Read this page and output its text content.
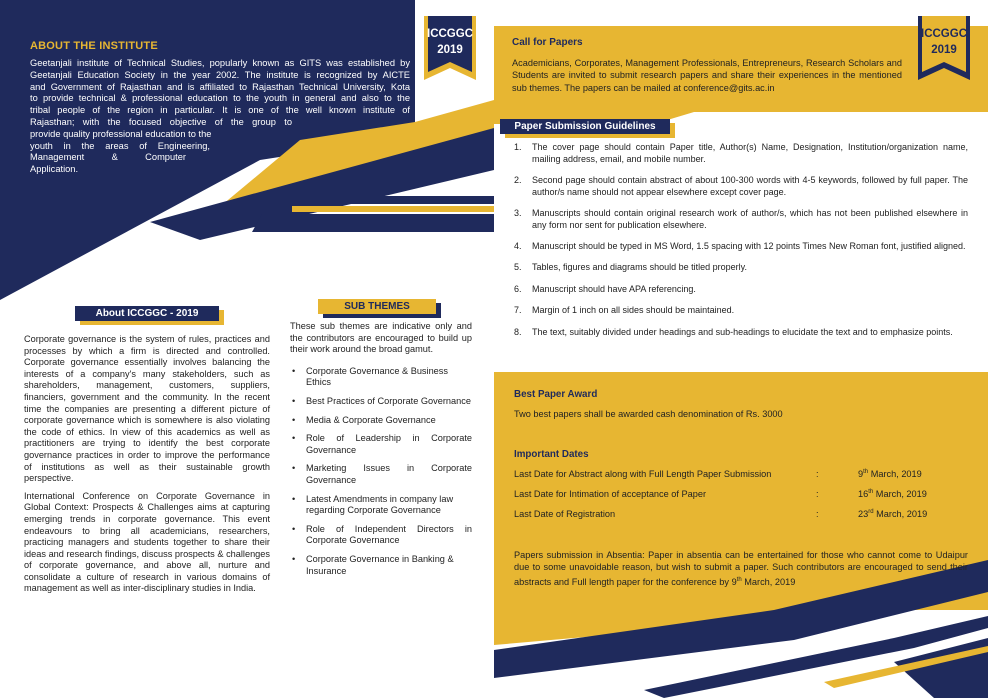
ICCGGC
2019
ABOUT THE INSTITUTE
Geetanjali institute of Technical Studies, popularly known as GITS was established by
Geetanjali Education Society in the year 2002. The institute is recognized by AICTE
and Government of Rajasthan and is affiliated to Rajasthan Technical University, Kota
to provide technical & professional education to the youth in general and also to the
tribal people of the region in particular. It is one of the well known institute of
Rajasthan; with the focused objective of the group to
provide quality professional education to the
youth in the areas of Engineering,
Management & Computer
Application.
About ICCGGC - 2019
Corporate governance is the system of rules, practices and processes by which a firm is directed and controlled. Corporate governance essentially involves balancing the interests of a company's many stakeholders, such as shareholders, management, customers, suppliers, financiers, government and the community. In the recent time the companies are presenting a different picture of corporate governance which is somewhere is also violating the code of ethics. In view of this academics as well as practitioners are trying to identify the best corporate governance practices in order to improve the performance of institutions as well as their sustainable growth perspective.
International Conference on Corporate Governance in Global Context: Prospects & Challenges aims at capturing emerging trends in corporate governance. This event endeavours to bring all academicians, researchers, practicing managers and students together to share their ideas and research findings, discuss prospects & challenges of corporate governance, and above all, nurture and consolidate a culture of research in various domains of management as well as inter-disciplinary studies in India.
SUB THEMES
These sub themes are indicative only and the contributors are encouraged to build up their work around the broad gamut.
• Corporate Governance & Business Ethics
• Best Practices of Corporate Governance
• Media & Corporate Governance
• Role of Leadership in Corporate Governance
• Marketing Issues in Corporate Governance
• Latest Amendments in company law regarding Corporate Governance
• Role of Independent Directors in Corporate Governance
• Corporate Governance in Banking & Insurance
ICCGGC
2019
Call for Papers
Academicians, Corporates, Management Professionals, Entrepreneurs, Research Scholars and Students are invited to submit research papers and share their experiences in the mentioned sub themes. The papers can be mailed at conference@gits.ac.in
Paper Submission Guidelines
1. The cover page should contain Paper title, Author(s) Name, Designation, Institution/organization name, mailing address, email, and mobile number.
2. Second page should contain abstract of about 100-300 words with 4-5 keywords, followed by full paper. The author/s name should not appear elsewhere except cover page.
3. Manuscripts should contain original research work of author/s, which has not been published elsewhere in any form nor sent for publication elsewhere.
4. Manuscript should be typed in MS Word, 1.5 spacing with 12 points Times New Roman font, justified aligned.
5. Tables, figures and diagrams should be titled properly.
6. Manuscript should have APA referencing.
7. Margin of 1 inch on all sides should be maintained.
8. The text, suitably divided under headings and sub-headings to elucidate the text and to emphasize points.
Best Paper Award
Two best papers shall be awarded cash denomination of Rs. 3000
Important Dates
Last Date for Abstract along with Full Length Paper Submission	:	9th March, 2019
Last Date for Intimation of acceptance of Paper	:	16th March, 2019
Last Date of Registration	:	23rd March, 2019
Papers submission in Absentia: Paper in absentia can be entertained for those who cannot come to Udaipur due to some unavoidable reason, but wish to submit a paper. Such contributors are encouraged to send their abstracts and Full length paper for the conference by 9th March, 2019
